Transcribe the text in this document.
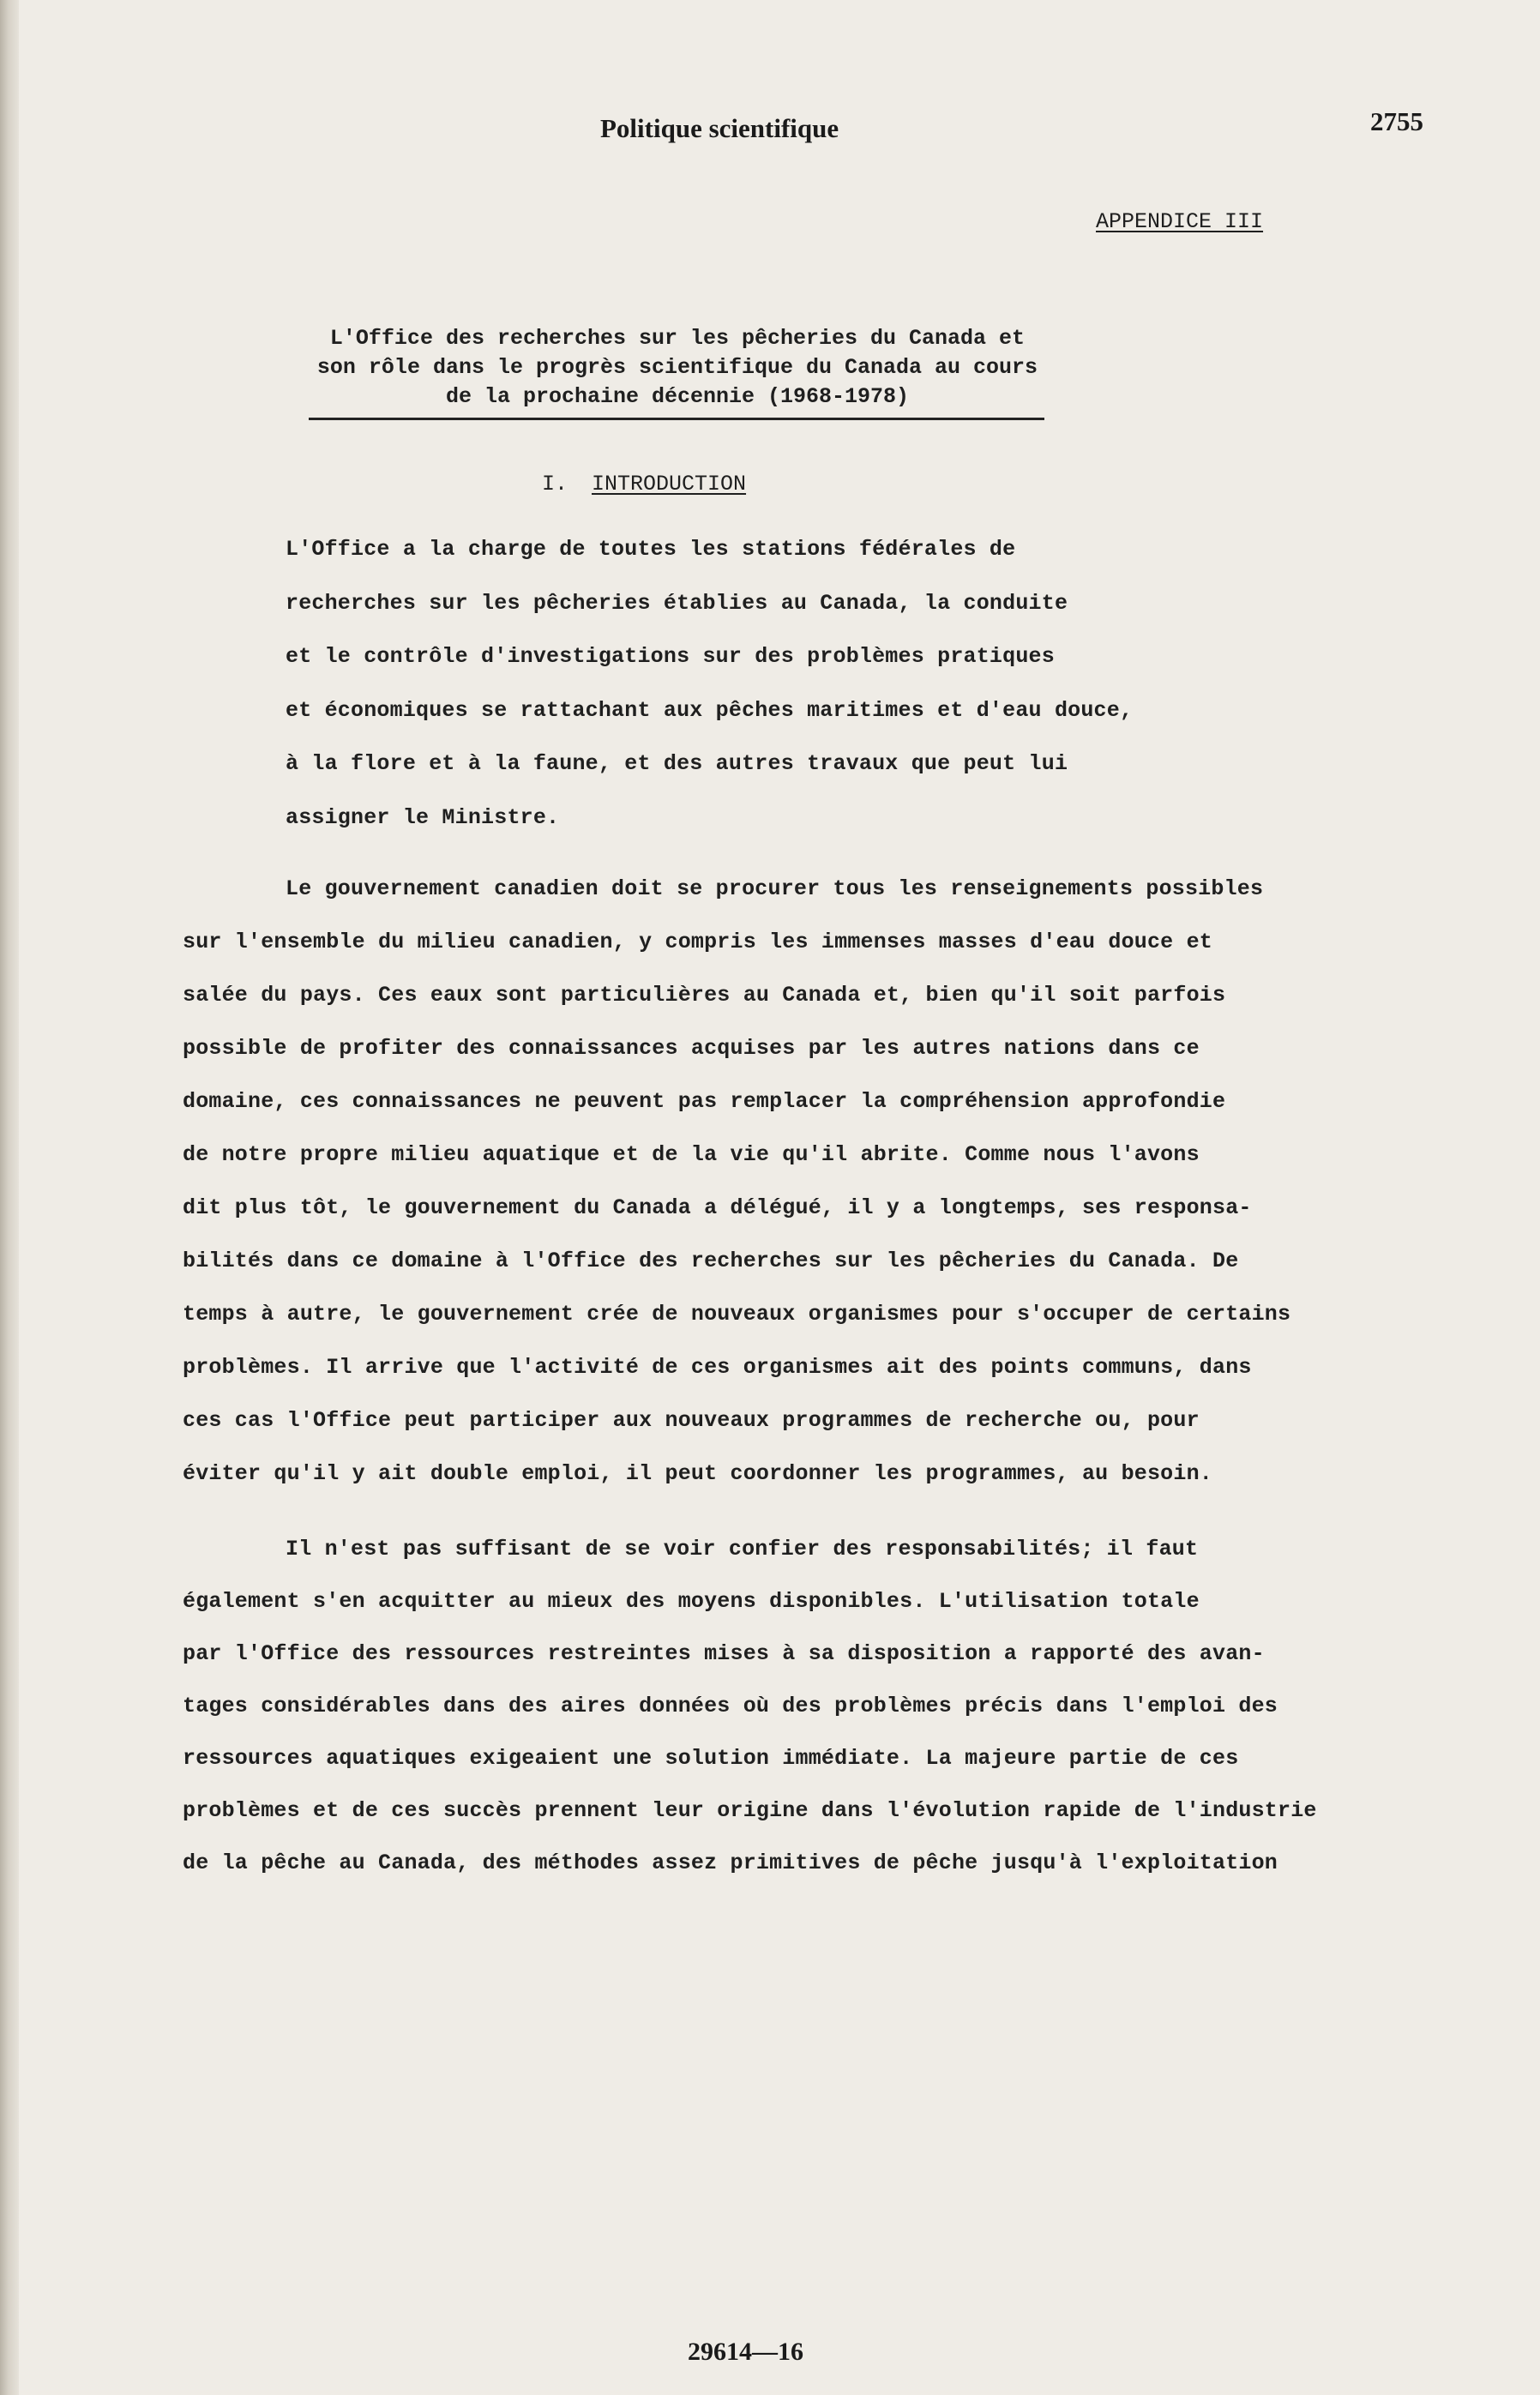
Politique scientifique	2755
APPENDICE III
L'Office des recherches sur les pêcheries du Canada et
son rôle dans le progrès scientifique du Canada au cours
de la prochaine décennie (1968-1978)
I. INTRODUCTION
L'Office a la charge de toutes les stations fédérales de
recherches sur les pêcheries établies au Canada, la conduite
et le contrôle d'investigations sur des problèmes pratiques
et économiques se rattachant aux pêches maritimes et d'eau douce,
à la flore et à la faune, et des autres travaux que peut lui
assigner le Ministre.
Le gouvernement canadien doit se procurer tous les renseignements possibles
sur l'ensemble du milieu canadien, y compris les immenses masses d'eau douce et
salée du pays. Ces eaux sont particulières au Canada et, bien qu'il soit parfois
possible de profiter des connaissances acquises par les autres nations dans ce
domaine, ces connaissances ne peuvent pas remplacer la compréhension approfondie
de notre propre milieu aquatique et de la vie qu'il abrite. Comme nous l'avons
dit plus tôt, le gouvernement du Canada a délégué, il y a longtemps, ses responsa-
bilités dans ce domaine à l'Office des recherches sur les pêcheries du Canada. De
temps à autre, le gouvernement crée de nouveaux organismes pour s'occuper de certains
problèmes. Il arrive que l'activité de ces organismes ait des points communs, dans
ces cas l'Office peut participer aux nouveaux programmes de recherche ou, pour
éviter qu'il y ait double emploi, il peut coordonner les programmes, au besoin.
Il n'est pas suffisant de se voir confier des responsabilités; il faut
également s'en acquitter au mieux des moyens disponibles. L'utilisation totale
par l'Office des ressources restreintes mises à sa disposition a rapporté des avan-
tages considérables dans des aires données où des problèmes précis dans l'emploi des
ressources aquatiques exigeaient une solution immédiate. La majeure partie de ces
problèmes et de ces succès prennent leur origine dans l'évolution rapide de l'industrie
de la pêche au Canada, des méthodes assez primitives de pêche jusqu'à l'exploitation
29614—16
